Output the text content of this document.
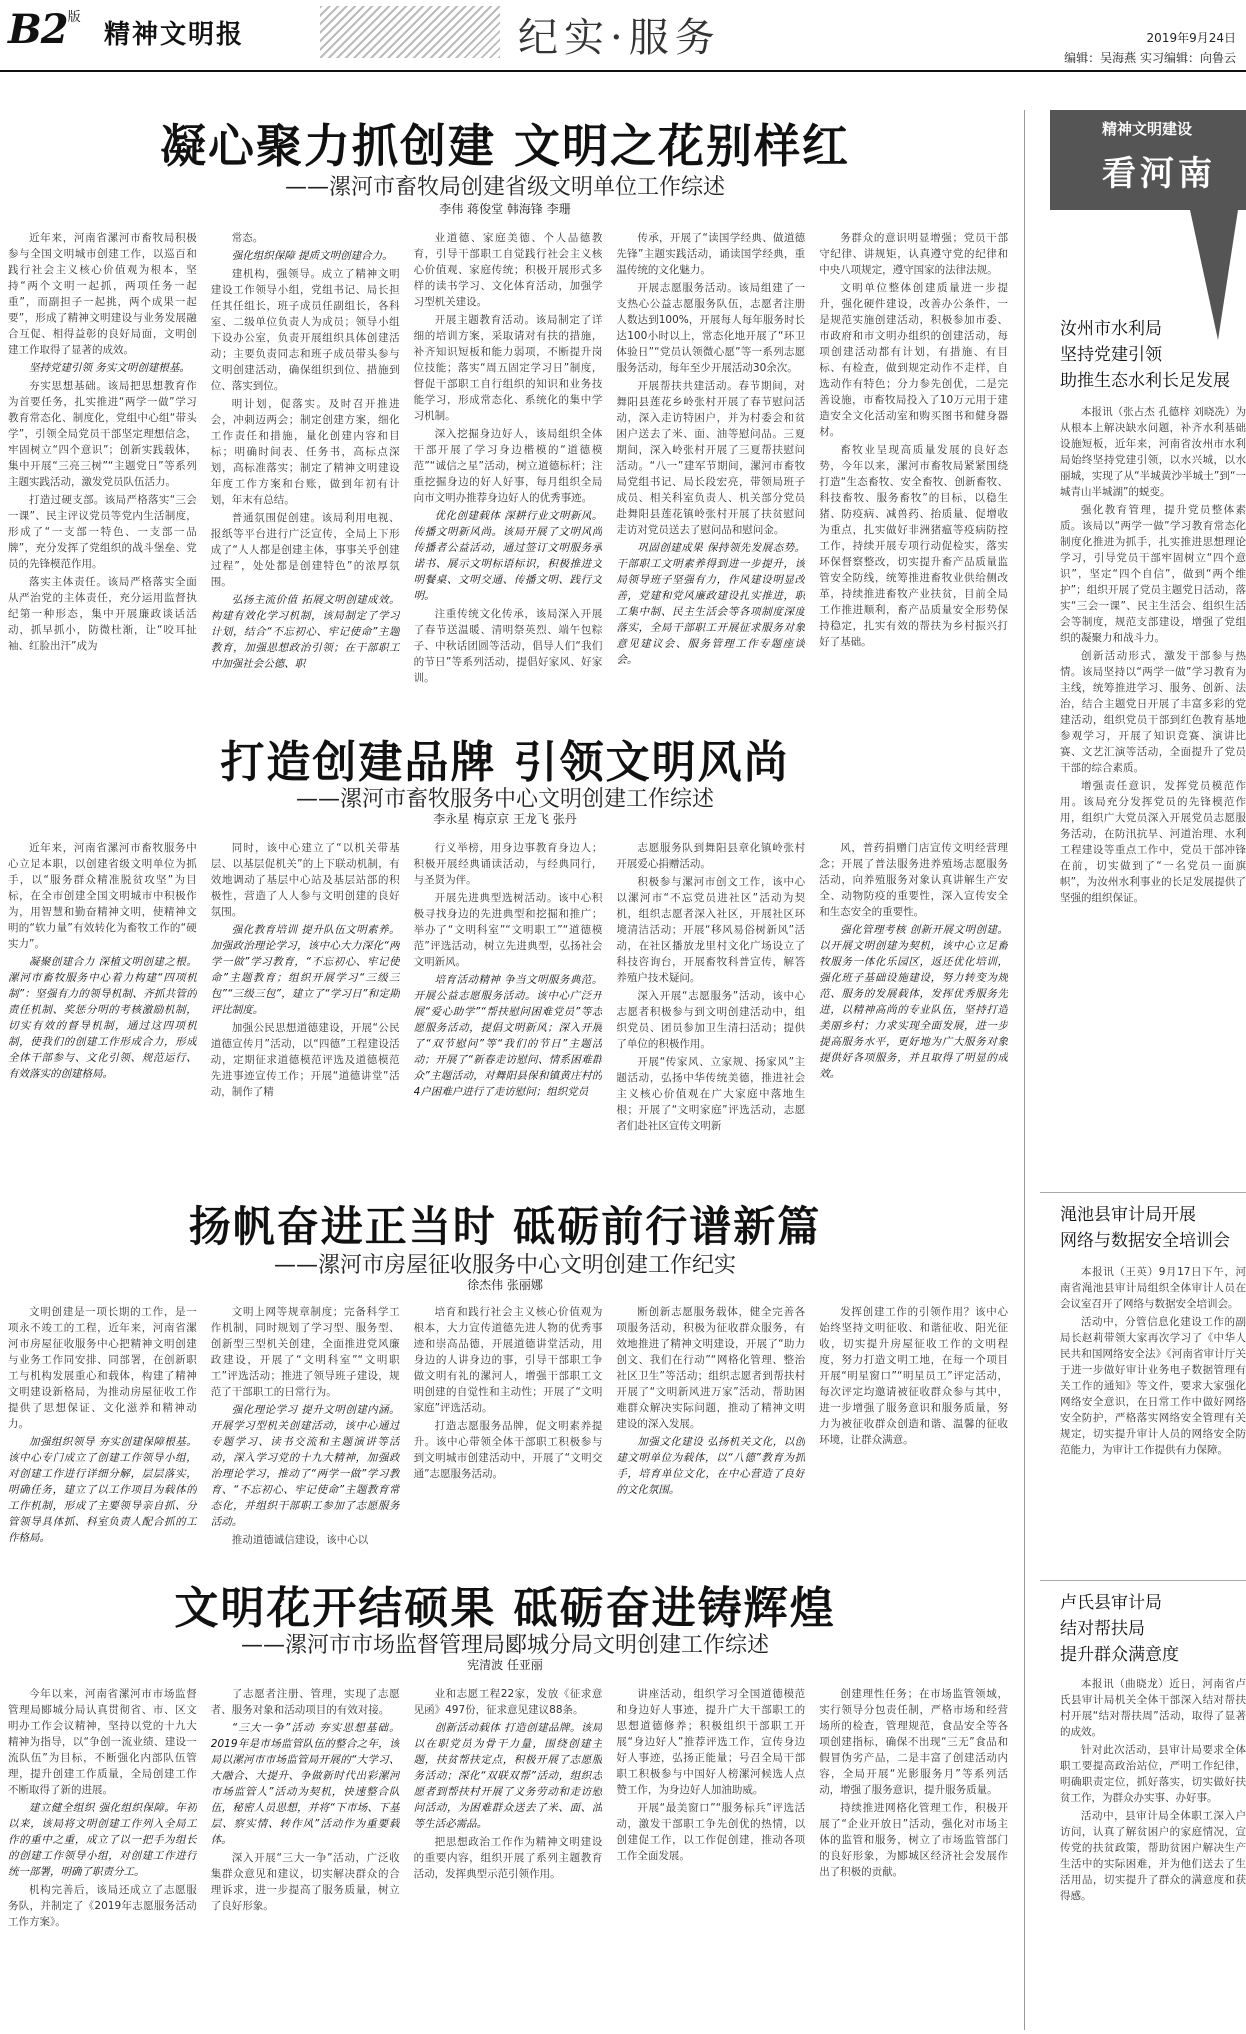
$B2^版$
精神文明报	纪实·服务	2019年9月24日
编辑：吴海燕 实习编辑：向鲁云
凝心聚力抓创建 文明之花别样红
——漯河市畜牧局创建省级文明单位工作综述
李伟 蒋俊堂 韩海锋 李珊

近年来，河南省漯河市畜牧局积极参与全国文明城市创建工作，以巡百和践行社会主义核心价值观为根本，坚持“两个文明一起抓，两项任务一起重”，而副担子一起挑，两个成果一起要”，形成了精神文明建设与业务发展融合互促、相得益彰的良好局面，文明创建工作取得了显著的成效。

坚持党建引领 务实文明创建根基。

夯实思想基础。该局把思想教育作为首要任务，扎实推进“两学一做”学习教育常态化、制度化，党组中心组“带头学”，引领全局党员干部坚定理想信念，牢固树立“四个意识”；创新实践载体，集中开展“三亮三树”“主题党日”等系列主题实践活动，激发党员队伍活力。

打造过硬支部。该局严格落实“三会一课”、民主评议党员等党内生活制度，形成了“一支部一特色、一支部一品牌”，充分发挥了党组织的战斗堡垒、党员的先锋模范作用。

落实主体责任。该局严格落实全面从严治党的主体责任，充分运用监督执纪第一种形态，集中开展廉政谈话活动，抓早抓小，防微杜渐，让“咬耳扯袖、红脸出汗”成为

常态。

强化组织保障 提质文明创建合力。

建机构，强领导。成立了精神文明建设工作领导小组，党组书记、局长担任其任组长，班子成员任副组长，各科室、二级单位负责人为成员；领导小组下设办公室，负责开展组织具体创建活动；主要负责同志和班子成员带头参与文明创建活动，确保组织到位、措施到位、落实到位。

明计划，促落实。及时召开推进会，冲刺迈两会；制定创建方案，细化工作责任和措施，量化创建内容和目标；明确时间表、任务书，高标点深划，高标准落实；制定了精神文明建设年度工作方案和台账，做到年初有计划，年末有总结。

普通氛围促创建。该局利用电视、报纸等平台进行广泛宣传，全局上下形成了“人人都是创建主体，事事关乎创建过程”，处处都是创建特色”的浓厚氛围。

弘扬主流价值 拓展文明创建成效。构建有效化学习机制，该局制定了学习计划，结合“不忘初心、牢记使命”主题教育，加强思想政治引领；在干部职工中加强社会公德、职

业道德、家庭美德、个人品德教育，引导干部职工自觉践行社会主义核心价值观、家庭传统；积极开展形式多样的读书学习、文化体育活动，加强学习型机关建设。

开展主题教育活动。该局制定了详细的培训方案，采取请对有扶的措施，补齐知识短板和能力弱项，不断提升岗位技能；落实“周五固定学习日”制度，督促干部职工自行组织的知识和业务技能学习，形成常态化、系统化的集中学习机制。

深入挖掘身边好人，该局组织全体干部开展了学习身边楷模的“道德模范”“诚信之星”活动，树立道德标杆；注重挖掘身边的好人好事，每月组织全局向市文明办推荐身边好人的优秀事迹。

优化创建载体 深耕行业文明新风。传播文明新风尚。该局开展了文明风尚传播者公益活动，通过签订文明服务承诺书、展示文明标语标识，积极推进文明餐桌、文明交通、传播文明、践行文明。

注重传统文化传承，该局深入开展了春节送温暖、清明祭英烈、端午包粽子、中秋话团圆等活动，倡导人们“我们的节日”等系列活动，提倡好家风、好家训。

传承，开展了“读国学经典、做道德先锋”主题实践活动，诵读国学经典，重温传统的文化魅力。

开展志愿服务活动。该局组建了一支热心公益志愿服务队伍，志愿者注册人数达到100%，开展每人每年服务时长达100小时以上，常态化地开展了“环卫体验日”“党员认领微心愿”等一系列志愿服务活动，每年至少开展活动30余次。

开展帮扶共建活动。春节期间，对舞阳县莲花乡岭张村开展了春节慰问活动，深入走访特困户，并为村委会和贫困户送去了米、面、油等慰问品。三夏期间，深入岭张村开展了三夏帮扶慰问活动。“八一”建军节期间，漯河市畜牧局党组书记、局长段宏亮，带领局班子成员、相关科室负责人、机关部分党员赴舞阳县莲花镇岭张村开展了扶贫慰问走访对党员送去了慰问品和慰问金。

巩固创建成果 保持领先发展态势。干部职工文明素养得到进一步提升，该局领导班子坚强有力，作风建设明显改善，党建和党风廉政建设扎实推进，职工集中制、民主生活会等各项制度深度落实，全局干部职工开展征求服务对象意见建议会、服务管理工作专题座谈会。

务群众的意识明显增强；党员干部守纪律、讲规矩，认真遵守党的纪律和中央八项规定，遵守国家的法律法规。

文明单位整体创建质量进一步提升，强化硬件建设，改善办公条件，一是规范实施创建活动，积极参加市委、市政府和市文明办组织的创建活动，每项创建活动都有计划，有措施、有目标、有检查，做到规定动作不走样，自选动作有特色；分力参先创优，二是完善设施，市畜牧局投入了10万元用于建造安全文化活动室和购买图书和健身器材。

畜牧业呈现高质量发展的良好态势，今年以来，漯河市畜牧局紧紧围绕打造“生态畜牧、安全畜牧、创新畜牧、科技畜牧、服务畜牧”的目标，以稳生猪、防疫病、减兽药、抬质量、促增收为重点，扎实做好非洲猪瘟等疫病防控工作，持续开展专项行动促检实，落实环保督察整改，切实提升畜产品质量监管安全防线，统筹推进畜牧业供给侧改革，持续推进畜牧产业扶贫，目前全局工作推进顺利，畜产品质量安全形势保持稳定，扎实有效的帮扶为乡村振兴打好了基础。

打造创建品牌 引领文明风尚
——漯河市畜牧服务中心文明创建工作综述
李永星 梅京京 王龙飞 张丹

近年来，河南省漯河市畜牧服务中心立足本职，以创建省级文明单位为抓手，以“服务群众精准脱贫攻坚”为目标，在全市创建全国文明城市中积极作为，用智慧和勤奋精神文明，使精神文明的“软力量”有效转化为畜牧工作的“硬实力”。

凝聚创建合力 深植文明创建之根。漯河市畜牧服务中心着力构建“四项机制”：坚强有力的领导机制、齐抓共管的责任机制、奖惩分明的考核激励机制，切实有效的督导机制，通过这四项机制，使我们的创建工作形成合力，形成全体干部参与、文化引领、规范运行、有效落实的创建格局。

同时，该中心建立了“以机关带基层、以基层促机关”的上下联动机制，有效地调动了基层中心站及基层站部的积极性，营造了人人参与文明创建的良好氛围。

强化教育培训 提升队伍文明素养。加强政治理论学习，该中心大力深化“两学一做”学习教育，“不忘初心、牢记使命”主题教育；组织开展学习“三级三包”“三级三包”，建立了“学习日”和定期评比制度。

加强公民思想道德建设，开展“公民道德宣传月”活动，以“四德”工程建设活动，定期征求道德模范评选及道德模范先进事迹宣传工作；开展“道德讲堂”活动，制作了精

行义举榜，用身边事教育身边人；积极开展经典诵读活动，与经典同行，与圣贤为伴。

开展先进典型选树活动。该中心积极寻找身边的先进典型和挖掘和推广；举办了“文明科室”“文明职工”“道德模范”评选活动，树立先进典型，弘扬社会文明新风。

培育活动精神 争当文明服务典范。开展公益志愿服务活动。该中心广泛开展“爱心助学”“帮扶慰问困难党员”等志愿服务活动，提倡文明新风；深入开展了“双节慰问”等“我们的节日”主题活动；开展了“新春走访慰问、情系困难群众”主题活动，对舞阳县保和镇黄庄村的4户困难户进行了走访慰问；组织党员

志愿服务队到舞阳县章化镇岭张村开展爱心捐赠活动。

积极参与漯河市创文工作，该中心以漯河市“不忘党员进社区”活动为契机，组织志愿者深入社区，开展社区环境清洁活动；开展“移风易俗树新风”活动，在社区播放龙里村文化广场设立了科技咨询台，开展畜牧科普宣传，解答养殖户技术疑问。

深入开展“志愿服务”活动，该中心志愿者积极参与到文明创建活动中，组织党员、团员参加卫生清扫活动；提供了单位的积极作用。

开展“传家风、立家规、扬家风”主题活动，弘扬中华传统美德，推进社会主义核心价值观在广大家庭中落地生根；开展了“文明家庭”评选活动，志愿者们赴社区宣传文明新

风，普药捐赠门店宣传文明经营理念；开展了普法服务进养殖场志愿服务活动，向养殖服务对象认真讲解生产安全、动物防疫的重要性，深入宣传安全和生态安全的重要性。

强化管理考核 创新开展文明创建。以开展文明创建为契机，该中心立足畜牧服务一体化乐园区，返还优化培训，强化班子基础设施建设，努力转变为规范、服务的发展载体，发挥优秀服务先进，以精神高尚的专业队伍，坚持打造美丽乡村；力求实现全面发展，进一步提高服务水平，更好地为广大服务对象提供好各项服务，并且取得了明显的成效。

扬帆奋进正当时 砥砺前行谱新篇
——漯河市房屋征收服务中心文明创建工作纪实
徐杰伟 张丽娜

文明创建是一项长期的工作，是一项永不竣工的工程，近年来，河南省漯河市房屋征收服务中心把精神文明创建与业务工作同安排、同部署，在创新职工与机构发展重心和载体，构建了精神文明建设新格局，为推动房屋征收工作提供了思想保证、文化滋养和精神动力。

加强组织领导 夯实创建保障根基。该中心专门成立了创建工作领导小组，对创建工作进行详细分解，层层落实，明确任务，建立了以工作项目为载体的工作机制，形成了主要领导亲自抓、分管领导具体抓、科室负责人配合抓的工作格局。

文明上网等规章制度；完备科学工作机制，同时规划了学习型、服务型、创新型三型机关创建，全面推进党风廉政建设，开展了“文明科室”“文明职工”评选活动；推进了领导班子建设，规范了干部职工的日常行为。

强化理论学习 提升文明创建内涵。开展学习型机关创建活动，该中心通过专题学习、读书交流和主题演讲等活动，深入学习党的十九大精神，加强政治理论学习，推动了“两学一做”学习教育、“不忘初心、牢记使命”主题教育常态化，并组织干部职工参加了志愿服务活动。

推动道德诚信建设，该中心以

培育和践行社会主义核心价值观为根本，大力宣传道德先进人物的优秀事迹和崇高品德，开展道德讲堂活动，用身边的人讲身边的事，引导干部职工争做文明有礼的漯河人，增强干部职工文明创建的自觉性和主动性；开展了“文明家庭”评选活动。

打造志愿服务品牌，促文明素养提升。该中心带领全体干部职工积极参与到文明城市创建活动中，开展了“文明交通”志愿服务活动。

断创新志愿服务载体，健全完善各项服务活动，积极为征收群众服务，有效地推进了精神文明建设，开展了“助力创文、我们在行动”“网格化管理、整治社区卫生”等活动；组织志愿者到帮扶村开展了“文明新风进万家”活动，帮助困难群众解决实际问题，推动了精神文明建设的深入发展。

加强文化建设 弘扬机关文化，以创建文明单位为载体，以“八德”教育为抓手，培育单位文化，在中心营造了良好的文化氛围。

发挥创建工作的引领作用？该中心始终坚持文明征收、和谐征收、阳光征收，切实提升房屋征收工作的文明程度，努力打造文明工地，在每一个项目开展“明星窗口”“明星员工”评定活动，每次评定均邀请被征收群众参与其中，进一步增强了服务意识和服务质量，努力为被征收群众创造和谐、温馨的征收环境，让群众满意。

文明花开结硕果 砥砺奋进铸辉煌
——漯河市市场监督管理局郾城分局文明创建工作综述
宪清波 任亚丽

今年以来，河南省漯河市市场监督管理局郾城分局认真贯彻省、市、区文明办工作会议精神，坚持以党的十九大精神为指导，以“争创一流业绩、建设一流队伍”为目标，不断强化内部队伍管理，提升创建工作质量，全局创建工作不断取得了新的进展。

建立健全组织 强化组织保障。年初以来，该局将文明创建工作列入全局工作的重中之重，成立了以一把手为组长的创建工作领导小组，对创建工作进行统一部署，明确了职责分工。

机构完善后，该局还成立了志愿服务队，并制定了《2019年志愿服务活动工作方案》。

了志愿者注册、管理，实现了志愿者、服务对象和活动项目的有效对接。

“三大一争”活动 夯实思想基础。2019年是市场监管队伍的整合之年，该局以漯河市市场监管局开展的“大学习、大融合、大提升、争做新时代出彩漯河市场监管人”活动为契机，快速整合队伍，秘密人员思想，并将“下市场、下基层、察实情、转作风”活动作为重要载体。

深入开展“三大一争”活动，广泛收集群众意见和建议，切实解决群众的合理诉求，进一步提高了服务质量，树立了良好形象。

业和志愿工程22家，发放《征求意见函》497份，征求意见建议88条。

创新活动载体 打造创建品牌。该局以在职党员为骨干力量，围绕创建主题，扶贫帮扶定点，积极开展了志愿服务活动；深化“双联双帮”活动，组织志愿者到帮扶村开展了义务劳动和走访慰问活动，为困难群众送去了米、面、油等生活必需品。

把思想政治工作作为精神文明建设的重要内容，组织开展了系列主题教育活动，发挥典型示范引领作用。

讲座活动，组织学习全国道德模范和身边好人事迹，提升广大干部职工的思想道德修养；积极组织干部职工开展“身边好人”推荐评选工作，宣传身边好人事迹，弘扬正能量；号召全局干部职工积极参与中国好人榜漯河候选人点赞工作，为身边好人加油助威。

开展“最美窗口”“服务标兵”评选活动，激发干部职工争先创优的热情，以创建促工作，以工作促创建，推动各项工作全面发展。

创建理性任务；在市场监管领域，实行领导分包责任制，严格市场和经营场所的检查，管理规范，食品安全等各项创建指标，确保不出现“三无”食品和假冒伪劣产品，二是丰富了创建活动内容，全局开展“光影服务月”等系列活动，增强了服务意识，提升服务质量。

持续推进网格化管理工作，积极开展了“企业开放日”活动，强化对市场主体的监管和服务，树立了市场监管部门的良好形象，为郾城区经济社会发展作出了积极的贡献。

精神文明建设
看河南
汝州市水利局
坚持党建引领
助推生态水利长足发展

本报讯（张占杰 孔德梓 刘晓冼）为从根本上解决缺水问题，补齐水利基础设施短板，近年来，河南省汝州市水利局始终坚持党建引领，以水兴城，以水丽城，实现了从“半城黄沙半城土”到“一城青山半城湖”的蜕变。

强化教育管理，提升党员整体素质。该局以“两学一做”学习教育常态化制度化推进为抓手，扎实推进思想理论学习，引导党员干部牢固树立“四个意识”，坚定“四个自信”，做到“两个维护”；组织开展了党员主题党日活动，落实“三会一课”、民主生活会、组织生活会等制度，规范支部建设，增强了党组织的凝聚力和战斗力。

创新活动形式，激发干部参与热情。该局坚持以“两学一做”学习教育为主线，统筹推进学习、服务、创新、法治，结合主题党日开展了丰富多彩的党建活动，组织党员干部到红色教育基地参观学习，开展了知识竞赛、演讲比赛、文艺汇演等活动，全面提升了党员干部的综合素质。

增强责任意识，发挥党员模范作用。该局充分发挥党员的先锋模范作用，组织广大党员深入开展党员志愿服务活动，在防汛抗旱、河道治理、水利工程建设等重点工作中，党员干部冲锋在前，切实做到了“一名党员一面旗帜”，为汝州水利事业的长足发展提供了坚强的组织保证。

渑池县审计局开展
网络与数据安全培训会

本报讯（王英）9月17日下午，河南省渑池县审计局组织全体审计人员在会议室召开了网络与数据安全培训会。

活动中，分管信息化建设工作的副局长赵莉带领大家再次学习了《中华人民共和国网络安全法》《河南省审计厅关于进一步做好审计业务电子数据管理有关工作的通知》等文件，要求大家强化网络安全意识，在日常工作中做好网络安全防护，严格落实网络安全管理有关规定，切实提升审计人员的网络安全防范能力，为审计工作提供有力保障。

卢氏县审计局
结对帮扶局
提升群众满意度

本报讯（曲晓龙）近日，河南省卢氏县审计局机关全体干部深入结对帮扶村开展“结对帮扶周”活动，取得了显著的成效。

针对此次活动，县审计局要求全体职工要提高政治站位，严明工作纪律，明确职责定位，抓好落实，切实做好扶贫工作，为群众办实事、办好事。

活动中，县审计局全体职工深入户访问，认真了解贫困户的家庭情况，宣传党的扶贫政策，帮助贫困户解决生产生活中的实际困难，并为他们送去了生活用品，切实提升了群众的满意度和获得感。
